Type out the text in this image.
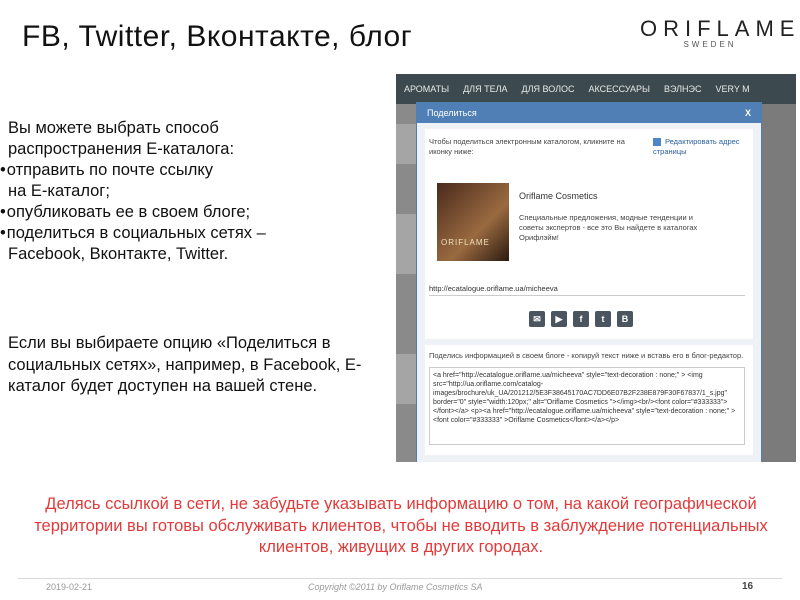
FB, Twitter, Вконтакте, блог	ORIFLAME
SWEDEN
Вы можете выбрать способ
распространения Е-каталога:
• отправить по почте ссылку
на Е-каталог;
• опубликовать ее в своем блоге;
• поделиться в социальных сетях –
Facebook, Вконтакте, Twitter.
Если вы выбираете опцию «Поделиться в социальных сетях», например, в Facebook, Е-каталог будет доступен на вашей стене.
АРОМАТЫ ДЛЯ ТЕЛА ДЛЯ ВОЛОС АКСЕССУАРЫ ВЭЛНЭС VERY M
Поделиться	X
Чтобы поделиться электронным каталогом, кликните на иконку ниже:
Редактировать адрес страницы
ORIFLAME
Oriflame Cosmetics
Специальные предложения, модные тенденции и советы экспертов - все это Вы найдете в каталогах Орифлэйм!
http://ecatalogue.oriflame.ua/micheeva
✉	▶	f	t	В
Поделись информацией в своем блоге - копируй текст ниже и вставь его в блог-редактор.
<a href="http://ecatalogue.oriflame.ua/micheeva" style="text-decoration : none;" > <img src="http://ua.oriflame.com/catalog-images/brochure/uk_UA/201212/5E3F38645170AC7DD6E07B2F238E879F30F67837/1_s.jpg" border="0" style="width:120px;" alt="Oriflame Cosmetics "></img><br/><font color="#333333"> </font></a> <p><a href="http://ecatalogue.oriflame.ua/micheeva" style="text-decoration : none;" ><font color="#333333" >Oriflame Cosmetics</font></a></p>
Делясь ссылкой в сети, не забудьте указывать информацию о том, на какой географической территории вы готовы обслуживать клиентов, чтобы не вводить в заблуждение потенциальных клиентов, живущих в других городах.
2019-02-21	Copyright ©2011 by Oriflame Cosmetics SA	16
